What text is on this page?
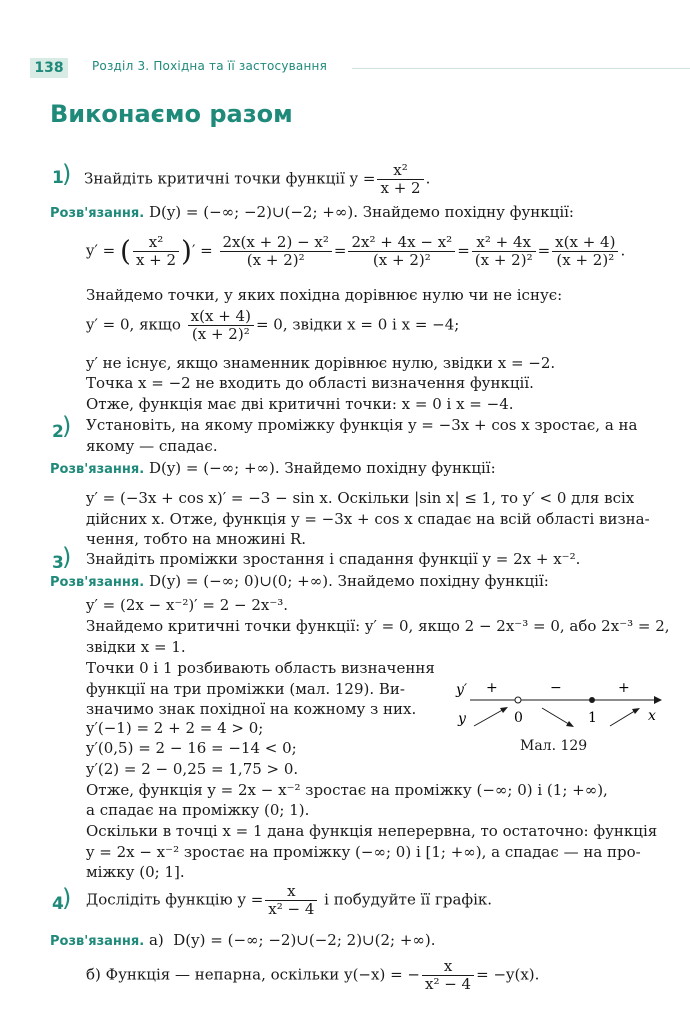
138	Розділ 3. Похідна та її застосування
Виконаємо разом
1
) Знайдіть критичні точки функції $y = \frac{\text{x²}}{x + 2}$ .
Розв'язання. D(y) = (−∞; −2)∪(−2; +∞). Знайдемо похідну функції:
y′ = ( $\frac{\text{x²}}{x + 2}$ )′ = $\frac{\text{2x(x + 2) − x²}}{\text{(x + 2)²}} = \frac{\text{2x² + 4x − x²}}{\text{(x + 2)²}} = \frac{\text{x² + 4x}}{\text{(x + 2)²}} = \frac{x(x + 4)}{\text{(x + 2)²}}$ .
Знайдемо точки, у яких похідна дорівнює нулю чи не існує:
y′ = 0, якщо $\frac{x(x + 4)}{\text{(x + 2)²}} = 0$, звідки x = 0 і x = −4;
y′ не існує, якщо знаменник дорівнює нулю, звідки x = −2.
Точка x = −2 не входить до області визначення функції.
Отже, функція має дві критичні точки: x = 0 і x = −4.
2
) Установіть, на якому проміжку функція y = −3x + cos x зростає, а на
якому — спадає.
Розв'язання. D(y) = (−∞; +∞). Знайдемо похідну функції:
y′ = (−3x + cos x)′ = −3 − sin x. Оскільки |sin x| ≤ 1, то y′ < 0 для всіх
дійсних x. Отже, функція y = −3x + cos x спадає на всій області визна-
чення, тобто на множині R.
3
) Знайдіть проміжки зростання і спадання функції y = 2x + x⁻².
Розв'язання. D(y) = (−∞; 0)∪(0; +∞). Знайдемо похідну функції:
y′ = (2x − x⁻²)′ = 2 − 2x⁻³.
Знайдемо критичні точки функції: y′ = 0, якщо 2 − 2x⁻³ = 0, або 2x⁻³ = 2,
звідки x = 1.
Точки 0 і 1 розбивають область визначення
функції на три проміжки (мал. 129). Ви-
значимо знак похідної на кожному з них.
y′(−1) = 2 + 2 = 4 > 0;
y′(0,5) = 2 − 16 = −14 < 0;
y′(2) = 2 − 0,25 = 1,75 > 0.
Отже, функція y = 2x − x⁻² зростає на проміжку (−∞; 0) і (1; +∞),
а спадає на проміжку (0; 1).
Оскільки в точці x = 1 дана функція неперервна, то остаточно: функція
y = 2x − x⁻² зростає на проміжку (−∞; 0) і [1; +∞), а спадає — на про-
міжку (0; 1].
y′
y
+	−	+
0	1	x
Мал. 129
4
) Дослідіть функцію $y = \frac{x}{\text{x² − 4}}$ і побудуйте її графік.
Розв'язання. а) D(y) = (−∞; −2)∪(−2; 2)∪(2; +∞).
б) Функція — непарна, оскільки y(−x) = − $\frac{x}{\text{x² − 4}} = -y(x)$.
